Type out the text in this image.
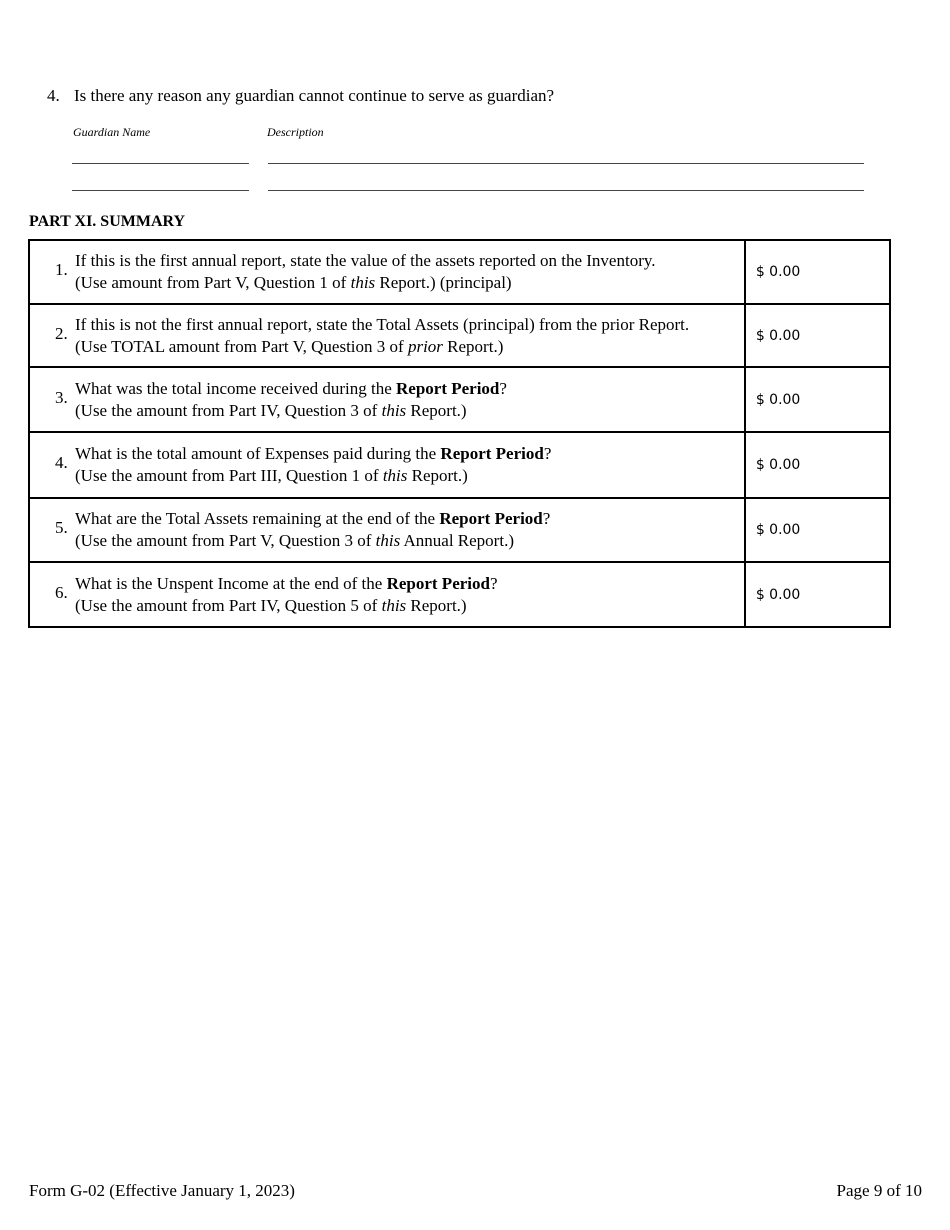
4. Is there any reason any guardian cannot continue to serve as guardian?
Guardian Name	Description
PART XI. SUMMARY
1. If this is the first annual report, state the value of the assets reported on the Inventory.
(Use amount from Part V, Question 1 of this Report.) (principal)	$ 0.00

2. If this is not the first annual report, state the Total Assets (principal) from the prior Report.
(Use TOTAL amount from Part V, Question 3 of prior Report.)	$ 0.00

3. What was the total income received during the Report Period?
(Use the amount from Part IV, Question 3 of this Report.)	$ 0.00

4. What is the total amount of Expenses paid during the Report Period?
(Use the amount from Part III, Question 1 of this Report.)	$ 0.00

5. What are the Total Assets remaining at the end of the Report Period?
(Use the amount from Part V, Question 3 of this Annual Report.)	$ 0.00

6. What is the Unspent Income at the end of the Report Period?
(Use the amount from Part IV, Question 5 of this Report.)	$ 0.00
Form G-02 (Effective January 1, 2023)	Page 9 of 10
